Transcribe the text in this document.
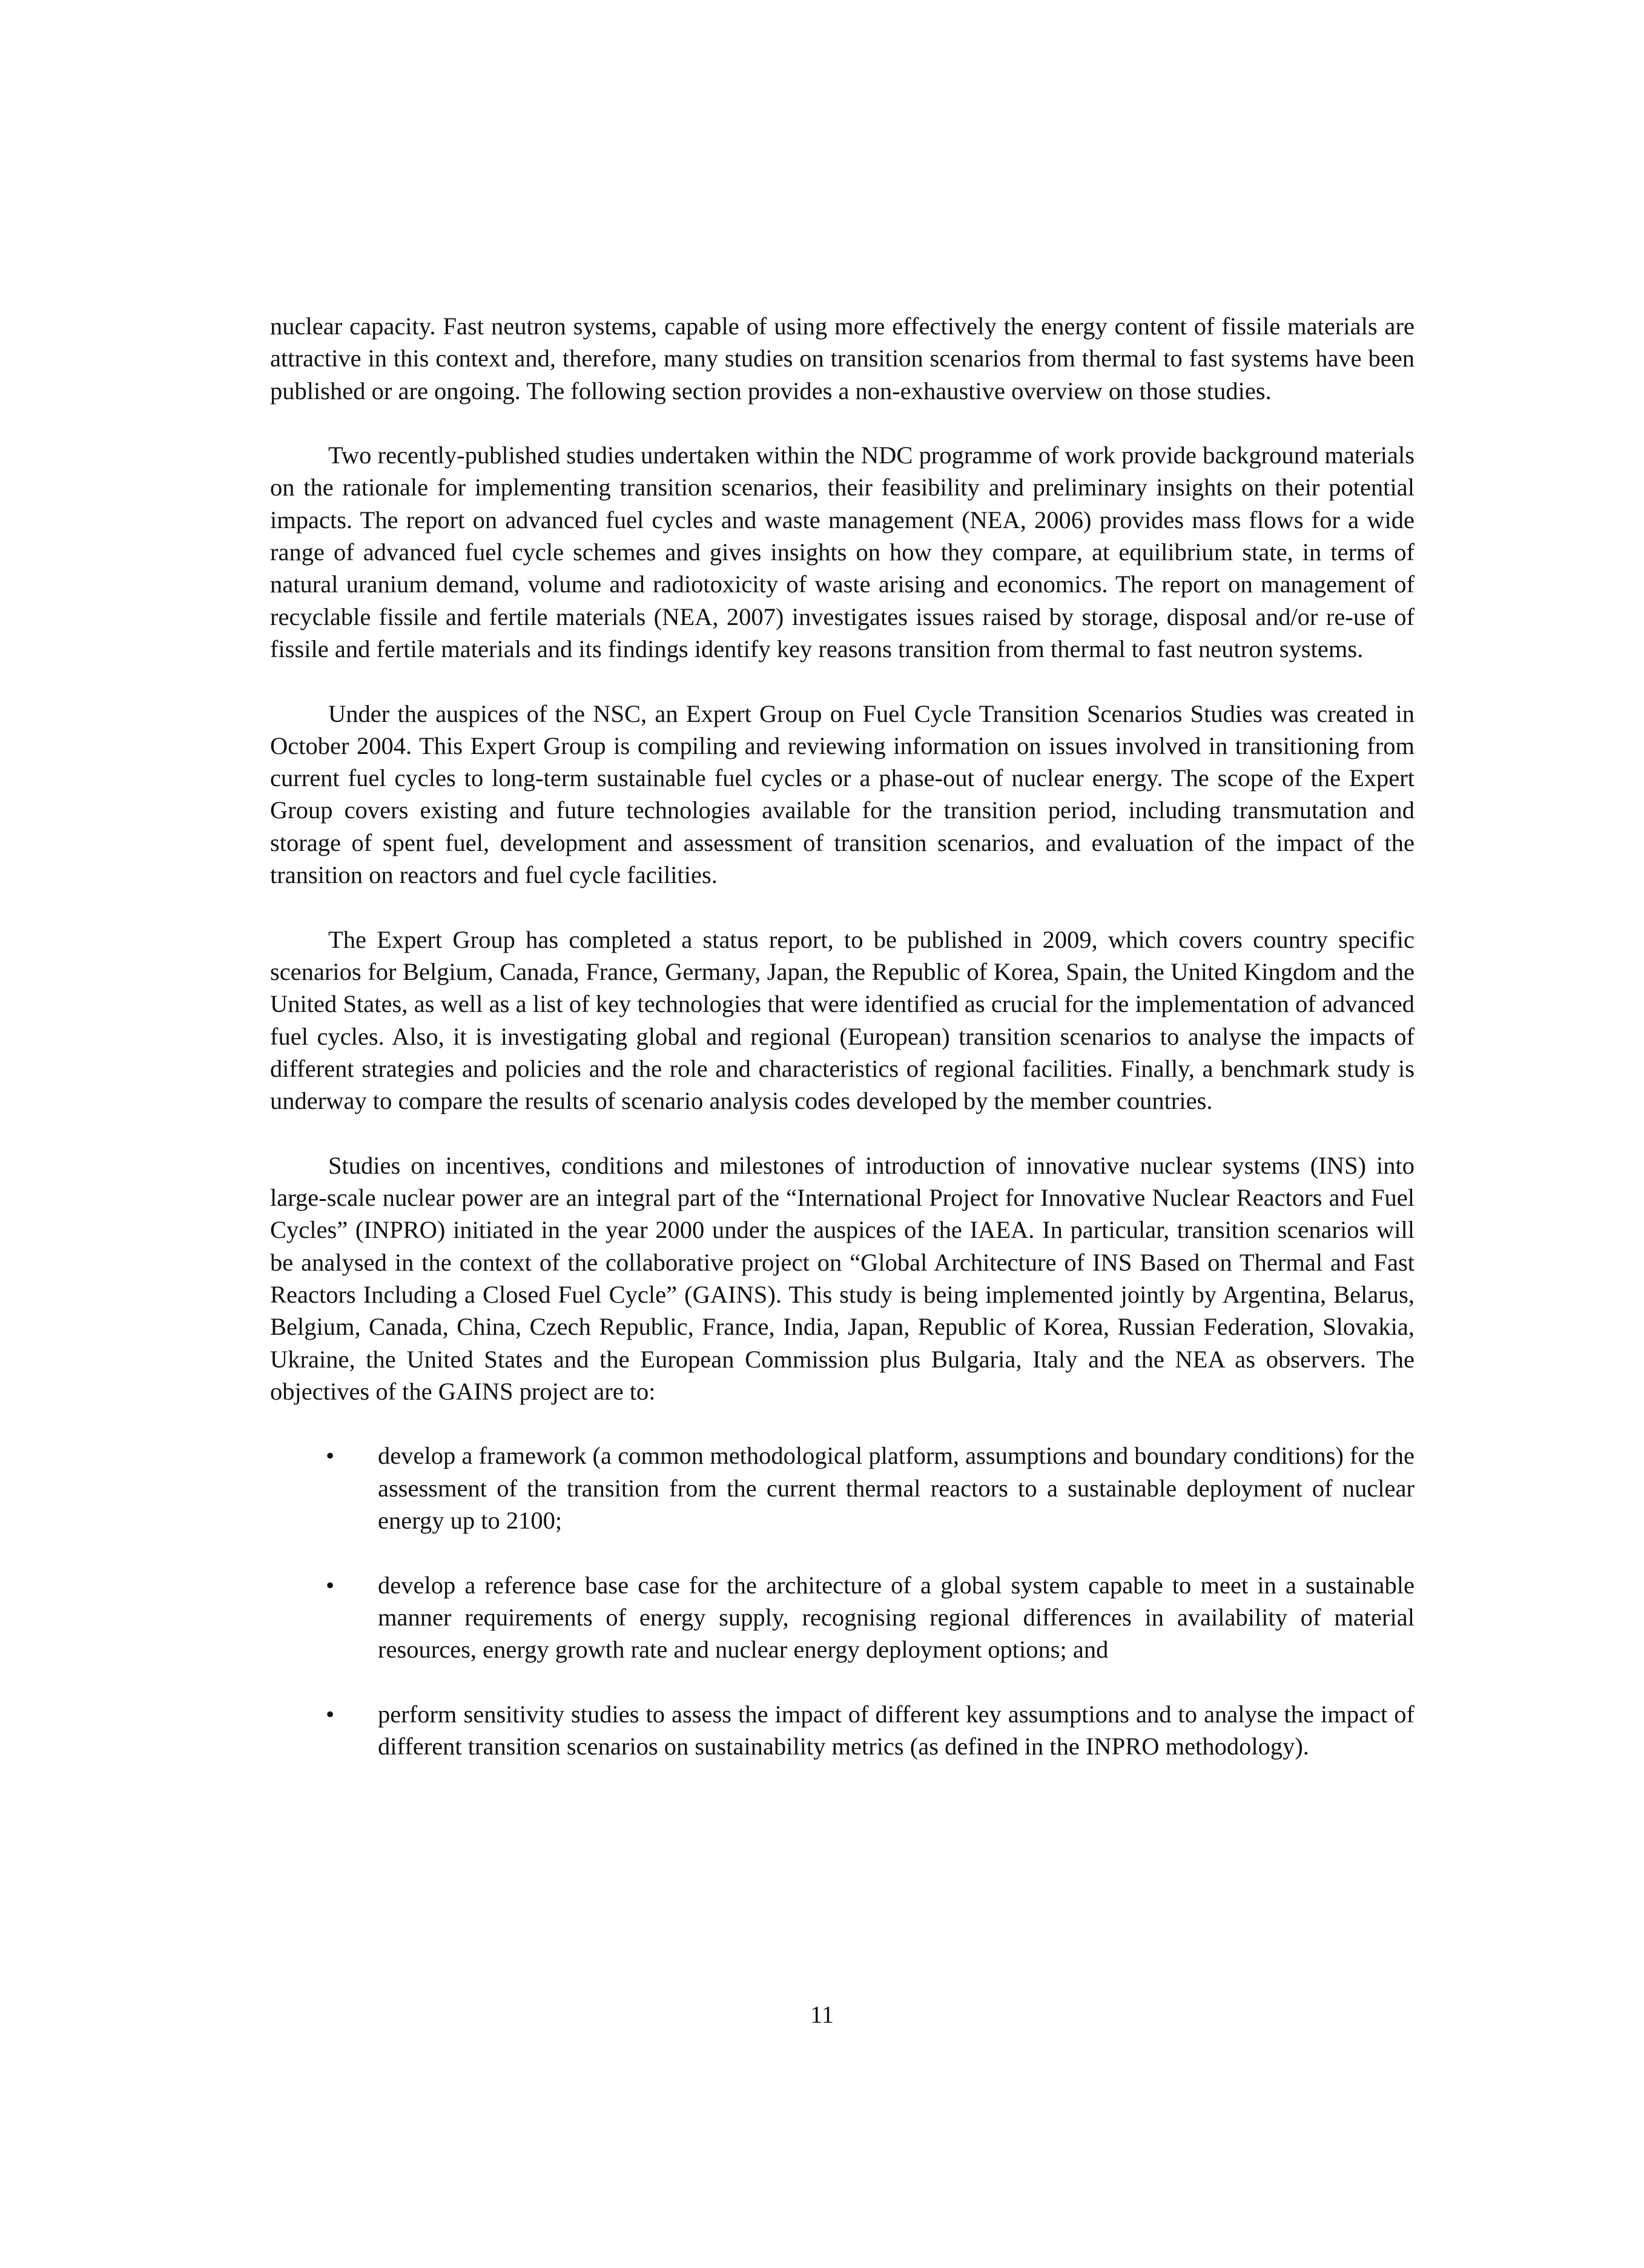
nuclear capacity. Fast neutron systems, capable of using more effectively the energy content of fissile materials are attractive in this context and, therefore, many studies on transition scenarios from thermal to fast systems have been published or are ongoing. The following section provides a non-exhaustive overview on those studies.

Two recently-published studies undertaken within the NDC programme of work provide background materials on the rationale for implementing transition scenarios, their feasibility and preliminary insights on their potential impacts. The report on advanced fuel cycles and waste management (NEA, 2006) provides mass flows for a wide range of advanced fuel cycle schemes and gives insights on how they compare, at equilibrium state, in terms of natural uranium demand, volume and radiotoxicity of waste arising and economics. The report on management of recyclable fissile and fertile materials (NEA, 2007) investigates issues raised by storage, disposal and/or re-use of fissile and fertile materials and its findings identify key reasons transition from thermal to fast neutron systems.

Under the auspices of the NSC, an Expert Group on Fuel Cycle Transition Scenarios Studies was created in October 2004. This Expert Group is compiling and reviewing information on issues involved in transitioning from current fuel cycles to long-term sustainable fuel cycles or a phase-out of nuclear energy. The scope of the Expert Group covers existing and future technologies available for the transition period, including transmutation and storage of spent fuel, development and assessment of transition scenarios, and evaluation of the impact of the transition on reactors and fuel cycle facilities.

The Expert Group has completed a status report, to be published in 2009, which covers country specific scenarios for Belgium, Canada, France, Germany, Japan, the Republic of Korea, Spain, the United Kingdom and the United States, as well as a list of key technologies that were identified as crucial for the implementation of advanced fuel cycles. Also, it is investigating global and regional (European) transition scenarios to analyse the impacts of different strategies and policies and the role and characteristics of regional facilities. Finally, a benchmark study is underway to compare the results of scenario analysis codes developed by the member countries.

Studies on incentives, conditions and milestones of introduction of innovative nuclear systems (INS) into large-scale nuclear power are an integral part of the “International Project for Innovative Nuclear Reactors and Fuel Cycles” (INPRO) initiated in the year 2000 under the auspices of the IAEA. In particular, transition scenarios will be analysed in the context of the collaborative project on “Global Architecture of INS Based on Thermal and Fast Reactors Including a Closed Fuel Cycle” (GAINS). This study is being implemented jointly by Argentina, Belarus, Belgium, Canada, China, Czech Republic, France, India, Japan, Republic of Korea, Russian Federation, Slovakia, Ukraine, the United States and the European Commission plus Bulgaria, Italy and the NEA as observers. The objectives of the GAINS project are to:

• develop a framework (a common methodological platform, assumptions and boundary conditions) for the assessment of the transition from the current thermal reactors to a sustainable deployment of nuclear energy up to 2100;
• develop a reference base case for the architecture of a global system capable to meet in a sustainable manner requirements of energy supply, recognising regional differences in availability of material resources, energy growth rate and nuclear energy deployment options; and
• perform sensitivity studies to assess the impact of different key assumptions and to analyse the impact of different transition scenarios on sustainability metrics (as defined in the INPRO methodology).
11
